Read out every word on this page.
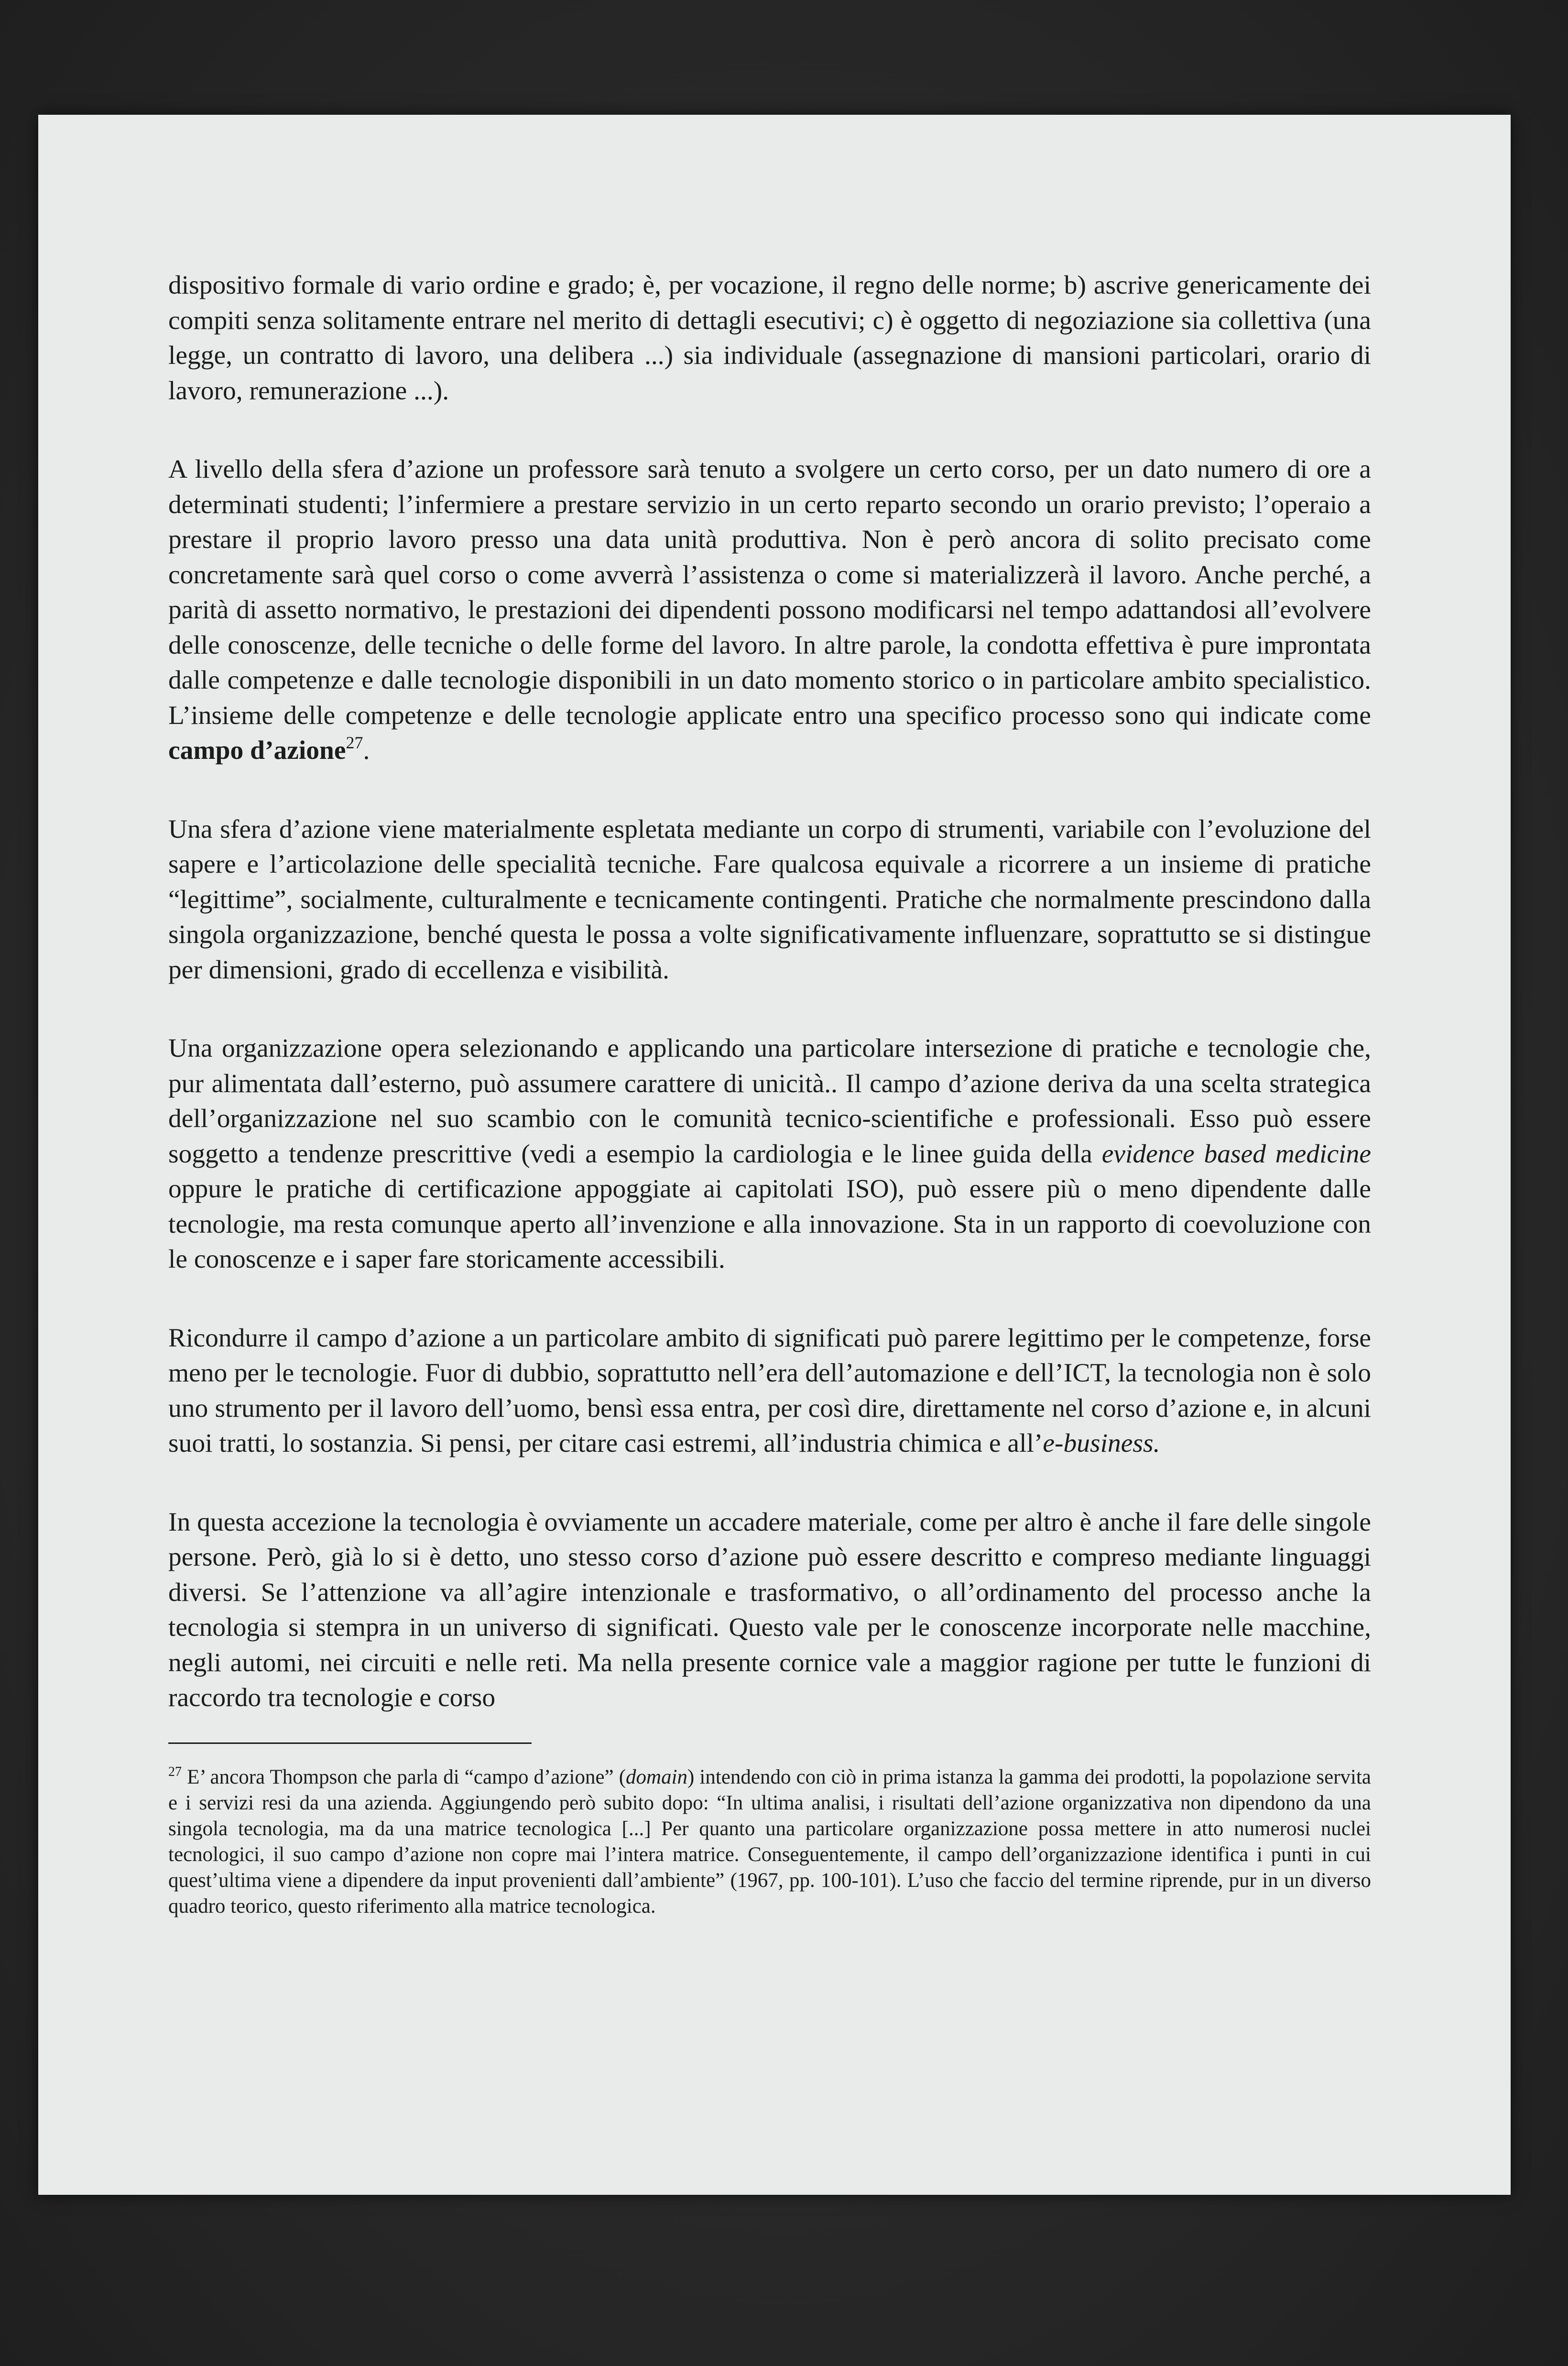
dispositivo formale di vario ordine e grado; è, per vocazione, il regno delle norme; b) ascrive genericamente dei compiti senza solitamente entrare nel merito di dettagli esecutivi; c) è oggetto di negoziazione sia collettiva (una legge, un contratto di lavoro, una delibera ...) sia individuale (assegnazione di mansioni particolari, orario di lavoro, remunerazione ...).

A livello della sfera d’azione un professore sarà tenuto a svolgere un certo corso, per un dato numero di ore a determinati studenti; l’infermiere a prestare servizio in un certo reparto secondo un orario previsto; l’operaio a prestare il proprio lavoro presso una data unità produttiva. Non è però ancora di solito precisato come concretamente sarà quel corso o come avverrà l’assistenza o come si materializzerà il lavoro. Anche perché, a parità di assetto normativo, le prestazioni dei dipendenti possono modificarsi nel tempo adattandosi all’evolvere delle conoscenze, delle tecniche o delle forme del lavoro. In altre parole, la condotta effettiva è pure improntata dalle competenze e dalle tecnologie disponibili in un dato momento storico o in particolare ambito specialistico. L’insieme delle competenze e delle tecnologie applicate entro una specifico processo sono qui indicate come campo d’azione$^{27}$.

Una sfera d’azione viene materialmente espletata mediante un corpo di strumenti, variabile con l’evoluzione del sapere e l’articolazione delle specialità tecniche. Fare qualcosa equivale a ricorrere a un insieme di pratiche “legittime”, socialmente, culturalmente e tecnicamente contingenti. Pratiche che normalmente prescindono dalla singola organizzazione, benché questa le possa a volte significativamente influenzare, soprattutto se si distingue per dimensioni, grado di eccellenza e visibilità.

Una organizzazione opera selezionando e applicando una particolare intersezione di pratiche e tecnologie che, pur alimentata dall’esterno, può assumere carattere di unicità.. Il campo d’azione deriva da una scelta strategica dell’organizzazione nel suo scambio con le comunità tecnico-scientifiche e professionali. Esso può essere soggetto a tendenze prescrittive (vedi a esempio la cardiologia e le linee guida della evidence based medicine oppure le pratiche di certificazione appoggiate ai capitolati ISO), può essere più o meno dipendente dalle tecnologie, ma resta comunque aperto all’invenzione e alla innovazione. Sta in un rapporto di coevoluzione con le conoscenze e i saper fare storicamente accessibili.

Ricondurre il campo d’azione a un particolare ambito di significati può parere legittimo per le competenze, forse meno per le tecnologie. Fuor di dubbio, soprattutto nell’era dell’automazione e dell’ICT, la tecnologia non è solo uno strumento per il lavoro dell’uomo, bensì essa entra, per così dire, direttamente nel corso d’azione e, in alcuni suoi tratti, lo sostanzia. Si pensi, per citare casi estremi, all’industria chimica e all’e-business.

In questa accezione la tecnologia è ovviamente un accadere materiale, come per altro è anche il fare delle singole persone. Però, già lo si è detto, uno stesso corso d’azione può essere descritto e compreso mediante linguaggi diversi. Se l’attenzione va all’agire intenzionale e trasformativo, o all’ordinamento del processo anche la tecnologia si stempra in un universo di significati. Questo vale per le conoscenze incorporate nelle macchine, negli automi, nei circuiti e nelle reti. Ma nella presente cornice vale a maggior ragione per tutte le funzioni di raccordo tra tecnologie e corso

$^{27}$ E’ ancora Thompson che parla di “campo d’azione” (domain) intendendo con ciò in prima istanza la gamma dei prodotti, la popolazione servita e i servizi resi da una azienda. Aggiungendo però subito dopo: “In ultima analisi, i risultati dell’azione organizzativa non dipendono da una singola tecnologia, ma da una matrice tecnologica [...] Per quanto una particolare organizzazione possa mettere in atto numerosi nuclei tecnologici, il suo campo d’azione non copre mai l’intera matrice. Conseguentemente, il campo dell’organizzazione identifica i punti in cui quest’ultima viene a dipendere da input provenienti dall’ambiente” (1967, pp. 100-101). L’uso che faccio del termine riprende, pur in un diverso quadro teorico, questo riferimento alla matrice tecnologica.
